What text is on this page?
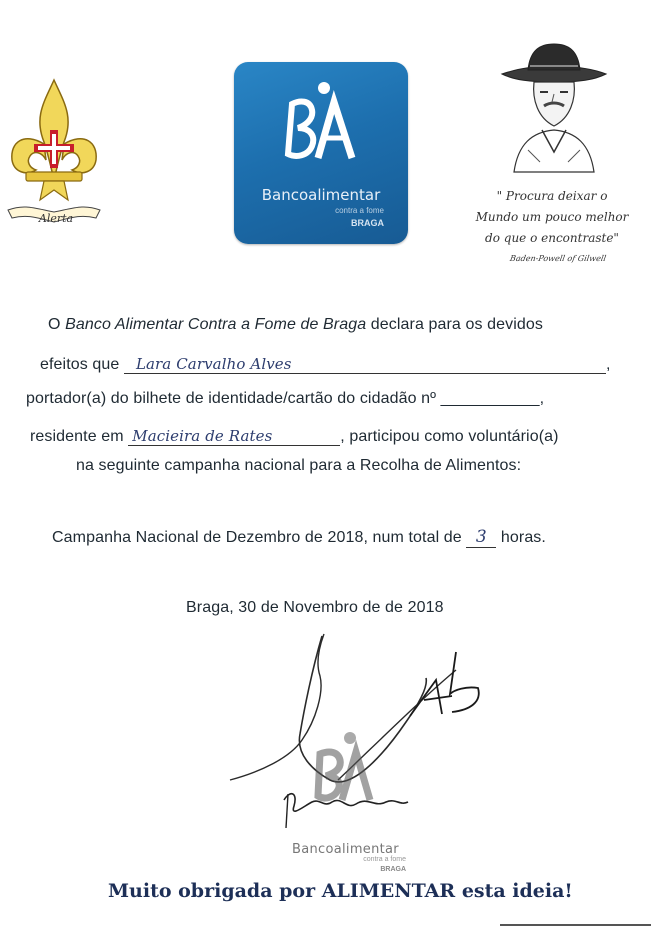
Alerta
Bancoalimentar
contra a fome
BRAGA
" Procura deixar o
Mundo um pouco melhor
do que o encontraste"
Baden-Powell of Gilwell
O Banco Alimentar Contra a Fome de Braga declara para os devidos
efeitos que Lara Carvalho Alves	,
portador(a) do bilhete de identidade/cartão do cidadão nº ___________,
residente em Macieira de Rates	, participou como voluntário(a)
na seguinte campanha nacional para a Recolha de Alimentos:
Campanha Nacional de Dezembro de 2018, num total de 3 horas.
Braga, 30 de Novembro de de 2018
Bancoalimentar
contra a fome
BRAGA
Muito obrigada por ALIMENTAR esta ideia!
